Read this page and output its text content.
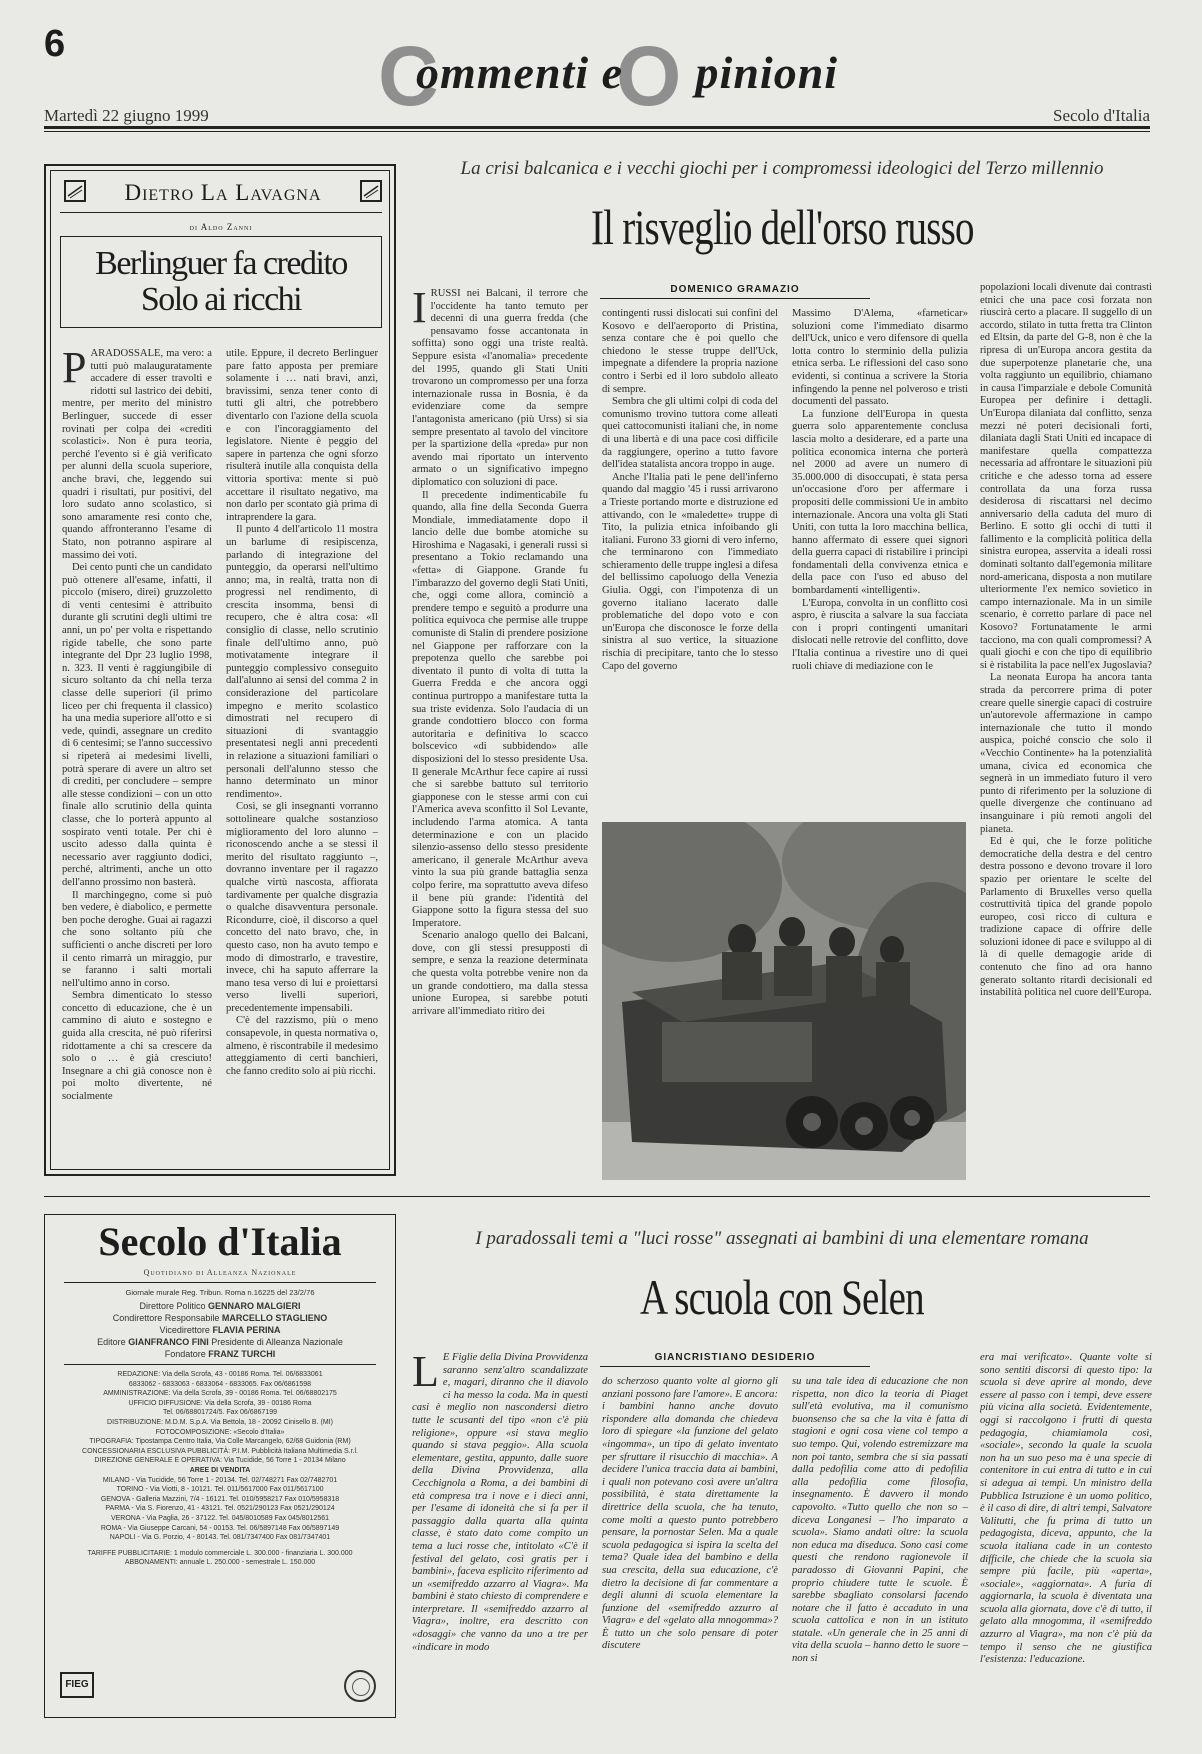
6	C O
ommenti e pinioni
Martedì 22 giugno 1999	Secolo d'Italia
Dietro La Lavagna
di Aldo Zanni
Berlinguer fa credito
Solo ai ricchi
P ARADOSSALE, ma vero: a tutti può malauguratamente accadere di esser travolti e ridotti sul lastrico dei debiti, mentre, per merito del ministro Berlinguer, succede di esser rovinati per colpa dei «crediti scolastici». Non è pura teoria, perché l'evento si è già verificato per alunni della scuola superiore, anche bravi, che, leggendo sui quadri i risultati, pur positivi, del loro sudato anno scolastico, si sono amaramente resi conto che, quando affronteranno l'esame di Stato, non potranno aspirare al massimo dei voti.

Dei cento punti che un candidato può ottenere all'esame, infatti, il piccolo (misero, direi) gruzzoletto di venti centesimi è attribuito durante gli scrutini degli ultimi tre anni, un po' per volta e rispettando rigide tabelle, che sono parte integrante del Dpr 23 luglio 1998, n. 323. Il venti è raggiungibile di sicuro soltanto da chi nella terza classe delle superiori (il primo liceo per chi frequenta il classico) ha una media superiore all'otto e si vede, quindi, assegnare un credito di 6 centesimi; se l'anno successivo si ripeterà ai medesimi livelli, potrà sperare di avere un altro set di crediti, per concludere – sempre alle stesse condizioni – con un otto finale allo scrutinio della quinta classe, che lo porterà appunto al sospirato venti totale. Per chi è uscito adesso dalla quinta è necessario aver raggiunto dodici, perché, altrimenti, anche un otto dell'anno prossimo non basterà.

Il marchingegno, come si può ben vedere, è diabolico, e permette ben poche deroghe. Guai ai ragazzi che sono soltanto più che sufficienti o anche discreti per loro il cento rimarrà un miraggio, pur se faranno i salti mortali nell'ultimo anno in corso.

Sembra dimenticato lo stesso concetto di educazione, che è un cammino di aiuto e sostegno e guida alla crescita, né può riferirsi ridottamente a chi sa crescere da solo o … è già cresciuto! Insegnare a chi già conosce non è poi molto divertente, né socialmente

utile. Eppure, il decreto Berlinguer pare fatto apposta per premiare solamente i … nati bravi, anzi, bravissimi, senza tener conto di tutti gli altri, che potrebbero diventarlo con l'azione della scuola e con l'incoraggiamento del legislatore. Niente è peggio del sapere in partenza che ogni sforzo risulterà inutile alla conquista della vittoria sportiva: mente si può accettare il risultato negativo, ma non darlo per scontato già prima di intraprendere la gara.

Il punto 4 dell'articolo 11 mostra un barlume di resipiscenza, parlando di integrazione del punteggio, da operarsi nell'ultimo anno; ma, in realtà, tratta non di progressi nel rendimento, di crescita insomma, bensì di recupero, che è altra cosa: «Il consiglio di classe, nello scrutinio finale dell'ultimo anno, può motivatamente integrare il punteggio complessivo conseguito dall'alunno ai sensi del comma 2 in considerazione del particolare impegno e merito scolastico dimostrati nel recupero di situazioni di svantaggio presentatesi negli anni precedenti in relazione a situazioni familiari o personali dell'alunno stesso che hanno determinato un minor rendimento».

Così, se gli insegnanti vorranno sottolineare qualche sostanzioso miglioramento del loro alunno – riconoscendo anche a se stessi il merito del risultato raggiunto –, dovranno inventare per il ragazzo qualche virtù nascosta, affiorata tardivamente per qualche disgrazia o qualche disavventura personale. Ricondurre, cioè, il discorso a quel concetto del nato bravo, che, in questo caso, non ha avuto tempo e modo di dimostrarlo, e travestire, invece, chi ha saputo afferrare la mano tesa verso di lui e proiettarsi verso livelli superiori, precedentemente impensabili.

C'è del razzismo, più o meno consapevole, in questa normativa o, almeno, è riscontrabile il medesimo atteggiamento di certi banchieri, che fanno credito solo ai più ricchi.

La crisi balcanica e i vecchi giochi per i compromessi ideologici del Terzo millennio
Il risveglio dell'orso russo
DOMENICO GRAMAZIO
I RUSSI nei Balcani, il terrore che l'occidente ha tanto temuto per decenni di una guerra fredda (che pensavamo fosse accantonata in soffitta) sono oggi una triste realtà. Seppure esista «l'anomalia» precedente del 1995, quando gli Stati Uniti trovarono un compromesso per una forza internazionale russa in Bosnia, è da evidenziare come da sempre l'antagonista americano (più Urss) si sia sempre presentato al tavolo del vincitore per la spartizione della «preda» pur non avendo mai riportato un intervento armato o un significativo impegno diplomatico con soluzioni di pace.

Il precedente indimenticabile fu quando, alla fine della Seconda Guerra Mondiale, immediatamente dopo il lancio delle due bombe atomiche su Hiroshima e Nagasaki, i generali russi si presentano a Tokio reclamando una «fetta» di Giappone. Grande fu l'imbarazzo del governo degli Stati Uniti, che, oggi come allora, cominciò a prendere tempo e seguitò a produrre una politica equivoca che permise alle truppe comuniste di Stalin di prendere posizione nel Giappone per rafforzare con la prepotenza quello che sarebbe poi diventato il punto di volta di tutta la Guerra Fredda e che ancora oggi continua purtroppo a manifestare tutta la sua triste evidenza. Solo l'audacia di un grande condottiero blocco con forma autoritaria e definitiva lo scacco bolscevico «di subbidendo» alle disposizioni del lo stesso presidente Usa. Il generale McArthur fece capire ai russi che si sarebbe battuto sul territorio giapponese con le stesse armi con cui l'America aveva sconfitto il Sol Levante, includendo l'arma atomica. A tanta determinazione e con un placido silenzio-assenso dello stesso presidente americano, il generale McArthur aveva vinto la sua più grande battaglia senza colpo ferire, ma soprattutto aveva difeso il bene più grande: l'identità del Giappone sotto la figura stessa del suo Imperatore.

Scenario analogo quello dei Balcani, dove, con gli stessi presupposti di sempre, e senza la reazione determinata che questa volta potrebbe venire non da un grande condottiero, ma dalla stessa unione Europea, si sarebbe potuti arrivare all'immediato ritiro dei

contingenti russi dislocati sui confini del Kosovo e dell'aeroporto di Pristina, senza contare che è poi quello che chiedono le stesse truppe dell'Uck, impegnate a difendere la propria nazione contro i Serbi ed il loro subdolo alleato di sempre.

Sembra che gli ultimi colpi di coda del comunismo trovino tuttora come alleati quei cattocomunisti italiani che, in nome di una libertà e di una pace così difficile da raggiungere, operino a tutto favore dell'idea statalista ancora troppo in auge.

Anche l'Italia patì le pene dell'inferno quando dal maggio '45 i russi arrivarono a Trieste portando morte e distruzione ed attivando, con le «maledette» truppe di Tito, la pulizia etnica infoibando gli italiani. Furono 33 giorni di vero inferno, che terminarono con l'immediato schieramento delle truppe inglesi a difesa del bellissimo capoluogo della Venezia Giulia. Oggi, con l'impotenza di un governo italiano lacerato dalle problematiche del dopo voto e con un'Europa che disconosce le forze della sinistra al suo vertice, la situazione rischia di precipitare, tanto che lo stesso Capo del governo

Massimo D'Alema, «farneticar» soluzioni come l'immediato disarmo dell'Uck, unico e vero difensore di quella lotta contro lo sterminio della pulizia etnica serba. Le riflessioni del caso sono evidenti, si continua a scrivere la Storia infingendo la penne nel polveroso e tristi documenti del passato.

La funzione dell'Europa in questa guerra solo apparentemente conclusa lascia molto a desiderare, ed a parte una politica economica interna che porterà nel 2000 ad avere un numero di 35.000.000 di disoccupati, è stata persa un'occasione d'oro per affermare i propositi delle commissioni Ue in ambito internazionale. Ancora una volta gli Stati Uniti, con tutta la loro macchina bellica, hanno affermato di essere quei signori della guerra capaci di ristabilire i principi fondamentali della convivenza etnica e della pace con l'uso ed abuso del bombardamenti «intelligenti».

L'Europa, convolta in un conflitto così aspro, è riuscita a salvare la sua facciata con i propri contingenti umanitari dislocati nelle retrovie del conflitto, dove l'Italia continua a rivestire uno di quei ruoli chiave di mediazione con le

popolazioni locali divenute dai contrasti etnici che una pace così forzata non riuscirà certo a placare. Il suggello di un accordo, stilato in tutta fretta tra Clinton ed Eltsin, da parte del G-8, non è che la ripresa di un'Europa ancora gestita da due superpotenze planetarie che, una volta raggiunto un equilibrio, chiamano in causa l'imparziale e debole Comunità Europea per definire i dettagli. Un'Europa dilaniata dal conflitto, senza mezzi né poteri decisionali forti, dilaniata dagli Stati Uniti ed incapace di manifestare quella compattezza necessaria ad affrontare le situazioni più critiche e che adesso torna ad essere controllata da una forza russa desiderosa di riscattarsi nel decimo anniversario della caduta del muro di Berlino. E sotto gli occhi di tutti il fallimento e la complicità politica della sinistra europea, asservita a ideali rossi dominati soltanto dall'egemonia militare nord-americana, disposta a non mutilare ulteriormente l'ex nemico sovietico in campo internazionale. Ma in un simile scenario, è corretto parlare di pace nel Kosovo? Fortunatamente le armi tacciono, ma con quali compromessi? A quali giochi e con che tipo di equilibrio si è ristabilita la pace nell'ex Jugoslavia?

La neonata Europa ha ancora tanta strada da percorrere prima di poter creare quelle sinergie capaci di costruire un'autorevole affermazione in campo internazionale che tutto il mondo auspica, poiché conscio che solo il «Vecchio Continente» ha la potenzialità umana, civica ed economica che segnerà in un immediato futuro il vero punto di riferimento per la soluzione di quelle divergenze che continuano ad insanguinare i più remoti angoli del pianeta.

Ed è qui, che le forze politiche democratiche della destra e del centro destra possono e devono trovare il loro spazio per orientare le scelte del Parlamento di Bruxelles verso quella costruttività tipica del grande popolo europeo, così ricco di cultura e tradizione capace di offrire delle soluzioni idonee di pace e sviluppo al di là di quelle demagogie aride di contenuto che fino ad ora hanno generato soltanto ritardi decisionali ed instabilità politica nel cuore dell'Europa.

Secolo d'Italia
Quotidiano di Alleanza Nazionale
Giornale murale Reg. Tribun. Roma n.16225 del 23/2/76
Direttore Politico GENNARO MALGIERI
Condirettore Responsabile MARCELLO STAGLIENO
Vicedirettore FLAVIA PERINA
Editore GIANFRANCO FINI Presidente di Alleanza Nazionale
Fondatore FRANZ TURCHI
REDAZIONE: Via della Scrofa, 43 - 00186 Roma. Tel. 06/6833061
6833062 - 6833063 - 6833064 - 6833065. Fax 06/6861598
AMMINISTRAZIONE: Via della Scrofa, 39 - 00186 Roma. Tel. 06/68802175
UFFICIO DIFFUSIONE: Via della Scrofa, 39 - 00186 Roma
Tel. 06/68801724/5. Fax 06/6867199
DISTRIBUZIONE: M.D.M. S.p.A. Via Bettola, 18 - 20092 Cinisello B. (MI)
FOTOCOMPOSIZIONE: «Secolo d'Italia»
TIPOGRAFIA: Tipostampa Centro Italia, Via Colle Marcangelo, 62/68 Guidonia (RM)
CONCESSIONARIA ESCLUSIVA PUBBLICITÀ: P.I.M. Pubblicità Italiana Multimedia S.r.l.
DIREZIONE GENERALE E OPERATIVA: Via Tucidide, 56 Torre 1 - 20134 Milano
AREE DI VENDITA
MILANO - Via Tucidide, 56 Torre 1 - 20134. Tel. 02/748271 Fax 02/7482701
TORINO - Via Viotti, 8 - 10121. Tel. 011/5617000 Fax 011/5617100
GENOVA - Galleria Mazzini, 7/4 - 16121. Tel. 010/5958217 Fax 010/5958318
PARMA - Via S. Fiorenzo, 41 - 43121. Tel. 0521/290123 Fax 0521/290124
VERONA - Via Paglia, 26 - 37122. Tel. 045/8010589 Fax 045/8012561
ROMA - Via Giuseppe Carcani, 54 - 00153. Tel. 06/5897148 Fax 06/5897149
NAPOLI - Via G. Porzio, 4 - 80143. Tel. 081/7347400 Fax 081/7347401
TARIFFE PUBBLICITARIE: 1 modulo commerciale L. 300.000 - finanziaria L. 300.000
ABBONAMENTI: annuale L. 250.000 - semestrale L. 150.000
FIEG
I paradossali temi a "luci rosse" assegnati ai bambini di una elementare romana
A scuola con Selen
GIANCRISTIANO DESIDERIO
L E Figlie della Divina Provvidenza saranno senz'altro scandalizzate e, magari, diranno che il diavolo ci ha messo la coda. Ma in questi casi è meglio non nascondersi dietro tutte le scusanti del tipo «non c'è più religione», oppure «si stava meglio quando si stava peggio». Alla scuola elementare, gestita, appunto, dalle suore della Divina Provvidenza, alla Cecchignola a Roma, a dei bambini di età compresa tra i nove e i dieci anni, per l'esame di idoneità che si fa per il passaggio dalla quarta alla quinta classe, è stato dato come compito un tema a luci rosse che, intitolato «C'è il festival del gelato, così gratis per i bambini», faceva esplicito riferimento ad un «semifreddo azzarro al Viagra». Ma bambini è stato chiesto di comprendere e interpretare. Il «semifreddo azzarro al Viagra», inoltre, era descritto con «dosaggi» che vanno da uno a tre per «indicare in modo
do scherzoso quanto volte al giorno gli anziani possono fare l'amore». E ancora: i bambini hanno anche dovuto rispondere alla domanda che chiedeva loro di spiegare «la funzione del gelato «ingomma», un tipo di gelato inventato per sfruttare il risucchio di macchia». A decidere l'unica traccia data ai bambini, i quali non potevano così avere un'altra possibilità, è stata direttamente la direttrice della scuola, che ha tenuto, come molti a questo punto potrebbero pensare, la pornostar Selen. Ma a quale scuola pedagogica si ispira la scelta del tema? Quale idea del bambino e della sua crescita, della sua educazione, c'è dietro la decisione di far commentare a degli alunni di scuola elementare la funzione del «semifreddo azzurro al Viagra» e del «gelato alla mnogomma»? È tutto un che solo pensare di poter discutere
su una tale idea di educazione che non rispetta, non dico la teoria di Piaget sull'età evolutiva, ma il comunismo buonsenso che sa che la vita è fatta di stagioni e ogni cosa viene col tempo a suo tempo. Qui, volendo estremizzare ma non poi tanto, sembra che si sia passati dalla pedofilia come atto di pedofilia alla pedofilia come filosofia, insegnamento. È davvero il mondo capovolto. «Tutto quello che non so – diceva Longanesi – l'ho imparato a scuola». Siamo andati oltre: la scuola non educa ma diseduca. Sono casi come questi che rendono ragionevole il paradosso di Giovanni Papini, che proprio chiudere tutte le scuole. È sarebbe sbagliato consolarsi facendo notare che il fatto è accaduto in una scuola cattolica e non in un istituto statale. «Un generale che in 25 anni di vita della scuola – hanno detto le suore – non si
era mai verificato». Quante volte si sono sentiti discorsi di questo tipo: la scuola si deve aprire al mondo, deve essere al passo con i tempi, deve essere più vicina alla società. Evidentemente, oggi si raccolgono i frutti di questa pedagogia, chiamiamola così, «sociale», secondo la quale la scuola non ha un suo peso ma è una specie di contenitore in cui entra di tutto e in cui si adegua ai tempi. Un ministro della Pubblica Istruzione è un uomo politico, è il caso di dire, di altri tempi, Salvatore Valitutti, che fu prima di tutto un pedagogista, diceva, appunto, che la scuola italiana cade in un contesto difficile, che chiede che la scuola sia sempre più facile, più «aperta», «sociale», «aggiornata». A furia di aggiornarla, la scuola è diventata una scuola alla giornata, dove c'è di tutto, il gelato alla mnogomma, il «semifreddo azzurro al Viagra», ma non c'è più da tempo il senso che ne giustifica l'esistenza: l'educazione.
